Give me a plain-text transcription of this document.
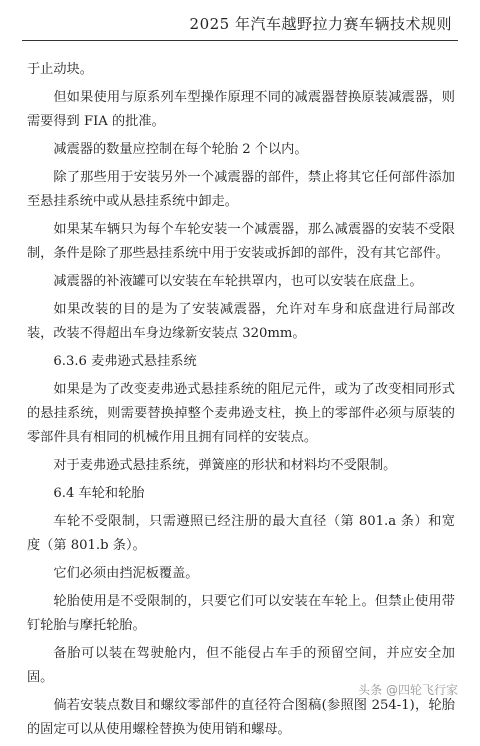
2025 年汽车越野拉力赛车辆技术规则

于止动块。

但如果使用与原系列车型操作原理不同的减震器替换原装减震器，则需要得到 FIA 的批准。

减震器的数量应控制在每个轮胎 2 个以内。

除了那些用于安装另外一个减震器的部件，禁止将其它任何部件添加至悬挂系统中或从悬挂系统中卸走。

如果某车辆只为每个车轮安装一个减震器，那么减震器的安装不受限制，条件是除了那些悬挂系统中用于安装或拆卸的部件，没有其它部件。

减震器的补液罐可以安装在车轮拱罩内，也可以安装在底盘上。

如果改装的目的是为了安装减震器，允许对车身和底盘进行局部改装，改装不得超出车身边缘新安装点 320mm。

6.3.6 麦弗逊式悬挂系统

如果是为了改变麦弗逊式悬挂系统的阻尼元件，或为了改变相同形式的悬挂系统，则需要替换掉整个麦弗逊支柱，换上的零部件必须与原装的零部件具有相同的机械作用且拥有同样的安装点。

对于麦弗逊式悬挂系统，弹簧座的形状和材料均不受限制。

6.4 车轮和轮胎

车轮不受限制，只需遵照已经注册的最大直径（第 801.a 条）和宽度（第 801.b 条）。

它们必须由挡泥板覆盖。

轮胎使用是不受限制的，只要它们可以安装在车轮上。但禁止使用带钉轮胎与摩托轮胎。

备胎可以装在驾驶舱内，但不能侵占车手的预留空间，并应安全加固。

倘若安装点数目和螺纹零部件的直径符合图稿(参照图 254-1)，轮胎的固定可以从使用螺栓替换为使用销和螺母。

头条 @四轮飞行家
